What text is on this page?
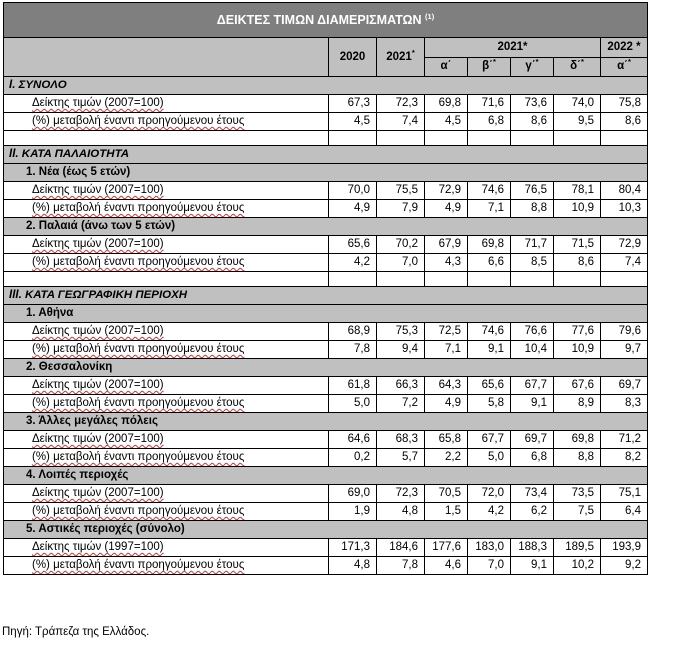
ΔΕΙΚΤΕΣ ΤΙΜΩΝ ΔΙΑΜΕΡΙΣΜΑΤΩΝ $^{(1)}$
	2020	2021*	2021*				2022 *
			α΄	β΄*	γ΄*	δ΄*	α΄*
I. ΣΥΝΟΛΟ							
Δείκτης τιμών (2007=100)	67,3	72,3	69,8	71,6	73,6	74,0	75,8
(%) μεταβολή έναντι προηγούμενου έτους	4,5	7,4	4,5	6,8	8,6	9,5	8,6

II. ΚΑΤΑ ΠΑΛΑΙΟΤΗΤΑ							
1. Νέα (έως 5 ετών)							
Δείκτης τιμών (2007=100)	70,0	75,5	72,9	74,6	76,5	78,1	80,4
(%) μεταβολή έναντι προηγούμενου έτους	4,9	7,9	4,9	7,1	8,8	10,9	10,3
2. Παλαιά (άνω των 5 ετών)							
Δείκτης τιμών (2007=100)	65,6	70,2	67,9	69,8	71,7	71,5	72,9
(%) μεταβολή έναντι προηγούμενου έτους	4,2	7,0	4,3	6,6	8,5	8,6	7,4

III. ΚΑΤΑ ΓΕΩΓΡΑΦΙΚΗ ΠΕΡΙΟΧΗ							
1. Αθήνα							
Δείκτης τιμών (2007=100)	68,9	75,3	72,5	74,6	76,6	77,6	79,6
(%) μεταβολή έναντι προηγούμενου έτους	7,8	9,4	7,1	9,1	10,4	10,9	9,7
2. Θεσσαλονίκη							
Δείκτης τιμών (2007=100)	61,8	66,3	64,3	65,6	67,7	67,6	69,7
(%) μεταβολή έναντι προηγούμενου έτους	5,0	7,2	4,9	5,8	9,1	8,9	8,3
3. Άλλες μεγάλες πόλεις							
Δείκτης τιμών (2007=100)	64,6	68,3	65,8	67,7	69,7	69,8	71,2
(%) μεταβολή έναντι προηγούμενου έτους	0,2	5,7	2,2	5,0	6,8	8,8	8,2
4. Λοιπές περιοχές							
Δείκτης τιμών (2007=100)	69,0	72,3	70,5	72,0	73,4	73,5	75,1
(%) μεταβολή έναντι προηγούμενου έτους	1,9	4,8	1,5	4,2	6,2	7,5	6,4
5. Αστικές περιοχές (σύνολο)							
Δείκτης τιμών (1997=100)	171,3	184,6	177,6	183,0	188,3	189,5	193,9
(%) μεταβολή έναντι προηγούμενου έτους	4,8	7,8	4,6	7,0	9,1	10,2	9,2
Πηγή: Τράπεζα της Ελλάδος.
